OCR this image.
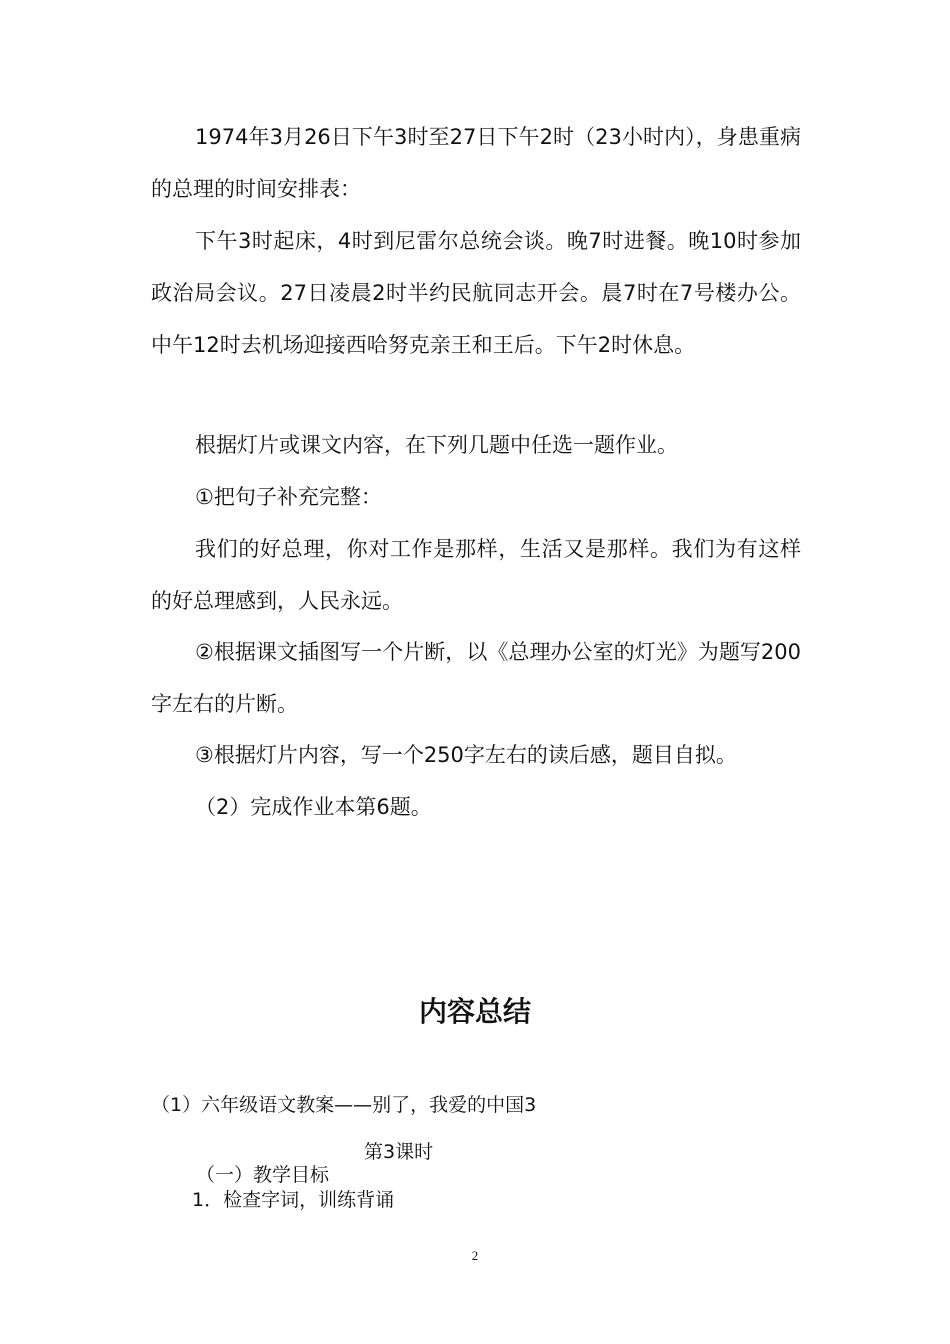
1974年3月26日下午3时至27日下午2时（23小时内），身患重病的总理的时间安排表：

下午3时起床，4时到尼雷尔总统会谈。晚7时进餐。晚10时参加政治局会议。27日凌晨2时半约民航同志开会。晨7时在7号楼办公。中午12时去机场迎接西哈努克亲王和王后。下午2时休息。

根据灯片或课文内容，在下列几题中任选一题作业。

①把句子补充完整：

我们的好总理，你对工作是那样，生活又是那样。我们为有这样的好总理感到，人民永远。

②根据课文插图写一个片断，以《总理办公室的灯光》为题写200字左右的片断。

③根据灯片内容，写一个250字左右的读后感，题目自拟。

（2）完成作业本第6题。

内容总结

（1）六年级语文教案——别了，我爱的中国3

第3课时

（一）教学目标

1．检查字词，训练背诵

2
